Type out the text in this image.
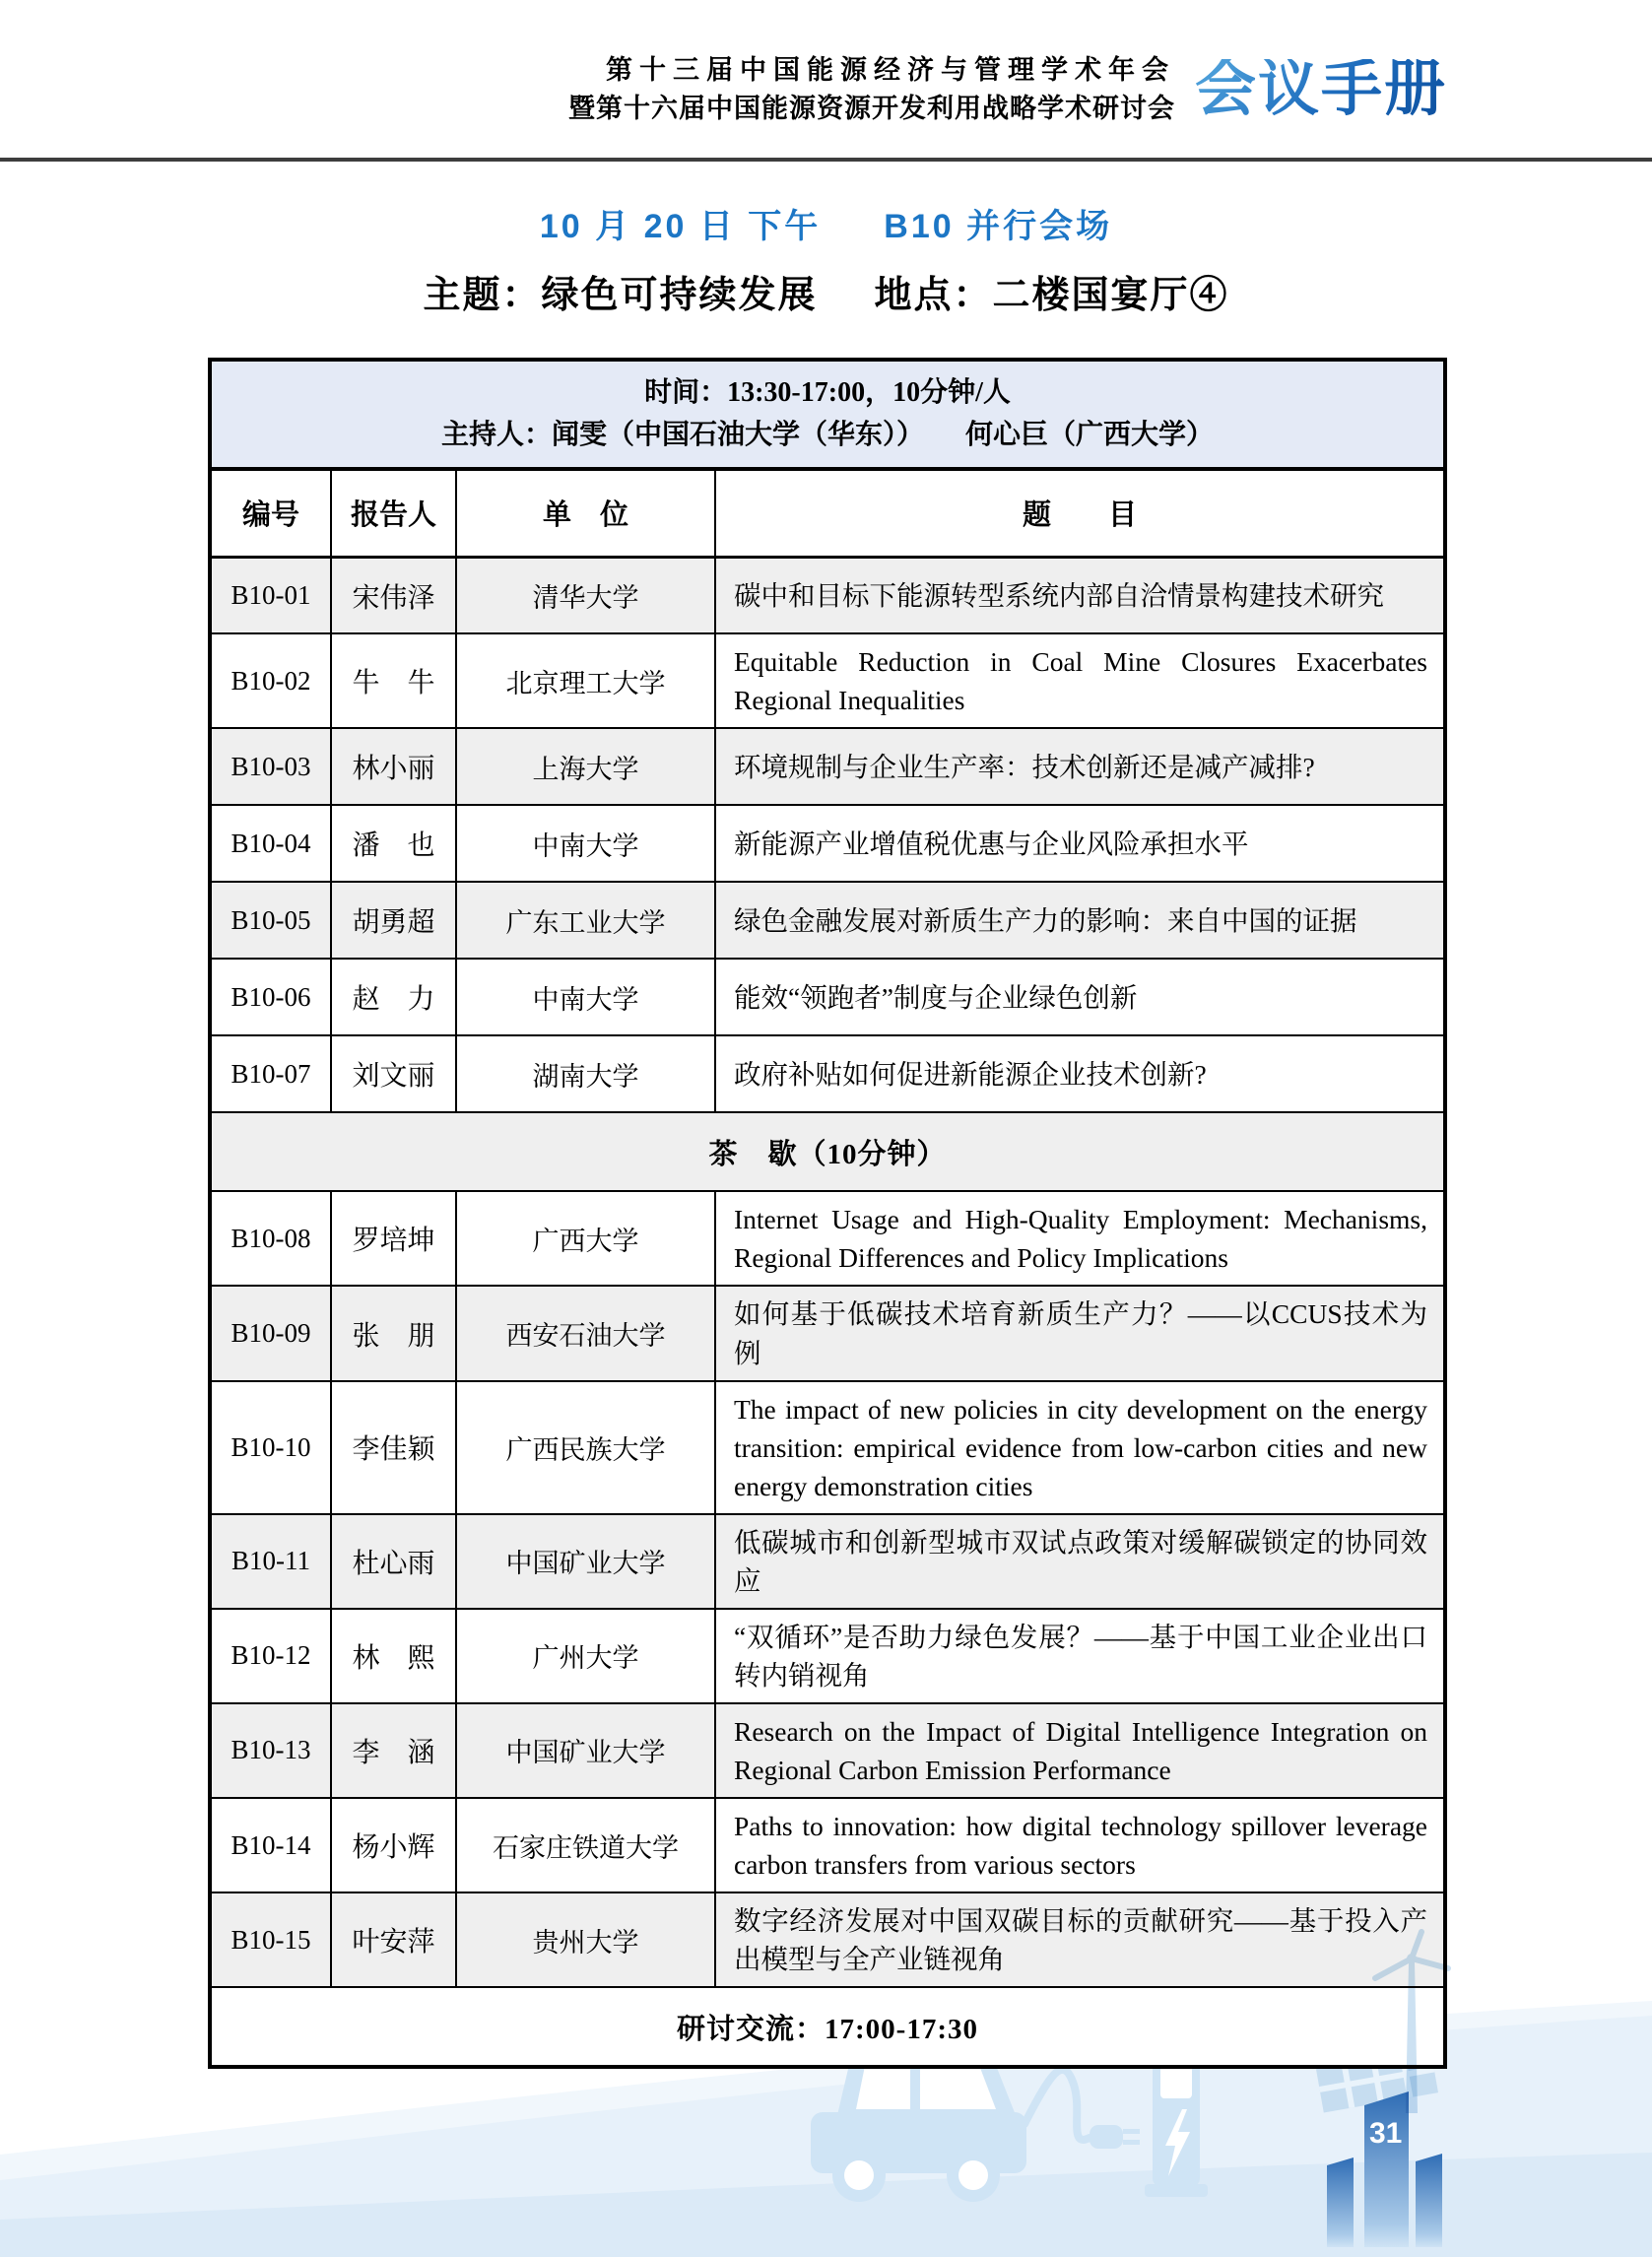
31
第十三届中国能源经济与管理学术年会
暨第十六届中国能源资源开发利用战略学术研讨会 会议手册
10 月 20 日 下午 B10 并行会场
主题：绿色可持续发展 地点：二楼国宴厅④
时间：13:30-17:00，10分钟/人
主持人：闻雯（中国石油大学（华东））　　何心巨（广西大学）			

编号	报告人	单　位	题　　目
B10-01	宋伟泽	清华大学	碳中和目标下能源转型系统内部自洽情景构建技术研究
B10-02	牛　牛	北京理工大学	Equitable Reduction in Coal Mine Closures Exacerbates Regional Inequalities
B10-03	林小丽	上海大学	环境规制与企业生产率：技术创新还是减产减排?
B10-04	潘　也	中南大学	新能源产业增值税优惠与企业风险承担水平
B10-05	胡勇超	广东工业大学	绿色金融发展对新质生产力的影响：来自中国的证据
B10-06	赵　力	中南大学	能效“领跑者”制度与企业绿色创新
B10-07	刘文丽	湖南大学	政府补贴如何促进新能源企业技术创新?
茶　歇（10分钟）			
B10-08	罗培坤	广西大学	Internet Usage and High-Quality Employment: Mechanisms, Regional Differences and Policy Implications
B10-09	张　朋	西安石油大学	如何基于低碳技术培育新质生产力？——以CCUS技术为例
B10-10	李佳颖	广西民族大学	The impact of new policies in city development on the energy transition: empirical evidence from low-carbon cities and new energy demonstration cities
B10-11	杜心雨	中国矿业大学	低碳城市和创新型城市双试点政策对缓解碳锁定的协同效应
B10-12	林　熙	广州大学	“双循环”是否助力绿色发展？——基于中国工业企业出口转内销视角
B10-13	李　涵	中国矿业大学	Research on the Impact of Digital Intelligence Integration on Regional Carbon Emission Performance
B10-14	杨小辉	石家庄铁道大学	Paths to innovation: how digital technology spillover leverage carbon transfers from various sectors
B10-15	叶安萍	贵州大学	数字经济发展对中国双碳目标的贡献研究——基于投入产出模型与全产业链视角
研讨交流：17:00-17:30			
